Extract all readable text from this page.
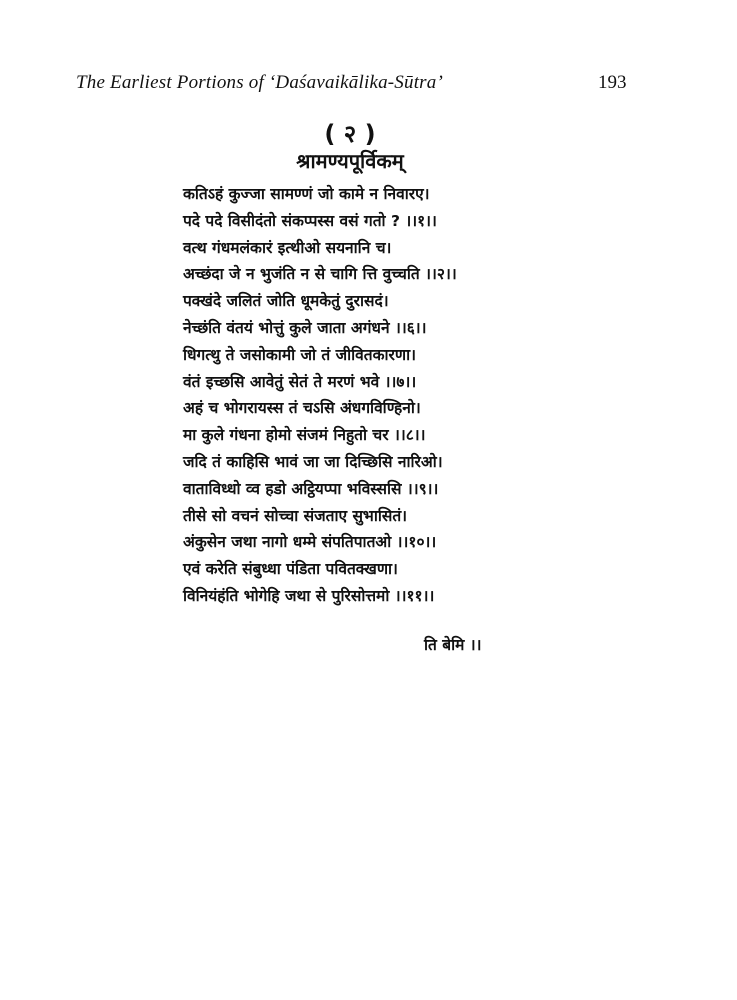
The Earliest Portions of ‘Daśavaikālika-Sūtra’	193
( २ )
श्रामण्यपूर्विकम्
कतिऽहं कुज्जा सामण्णं जो कामे न निवारए।
पदे पदे विसीदंतो संकप्पस्स वसं गतो ? ।।१।।
वत्थ गंधमलंकारं इत्थीओ सयनानि च।
अच्छंदा जे न भुजंति न से चागि त्ति वुच्चति ।।२।।
पक्खंदे जलितं जोति धूमकेतुं दुरासदं।
नेच्छंति वंतयं भोत्तुं कुले जाता अगंधने ।।६।।
धिगत्थु ते जसोकामी जो तं जीवितकारणा।
वंतं इच्छसि आवेतुं सेतं ते मरणं भवे ।।७।।
अहं च भोगरायस्स तं चऽसि अंधगविण्हिनो।
मा कुले गंधना होमो संजमं निहुतो चर ।।८।।
जदि तं काहिसि भावं जा जा दिच्छिसि नारिओ।
वाताविध्धो व्व हडो अट्ठियप्पा भविस्ससि ।।९।।
तीसे सो वचनं सोच्चा संजताए सुभासितं।
अंकुसेन जथा नागो धम्मे संपतिपातओ ।।१०।।
एवं करेति संबुध्धा पंडिता पवितक्खणा।
विनियंहंति भोगेहि जथा से पुरिसोत्तमो ।।११।।
ति बेमि ।।
